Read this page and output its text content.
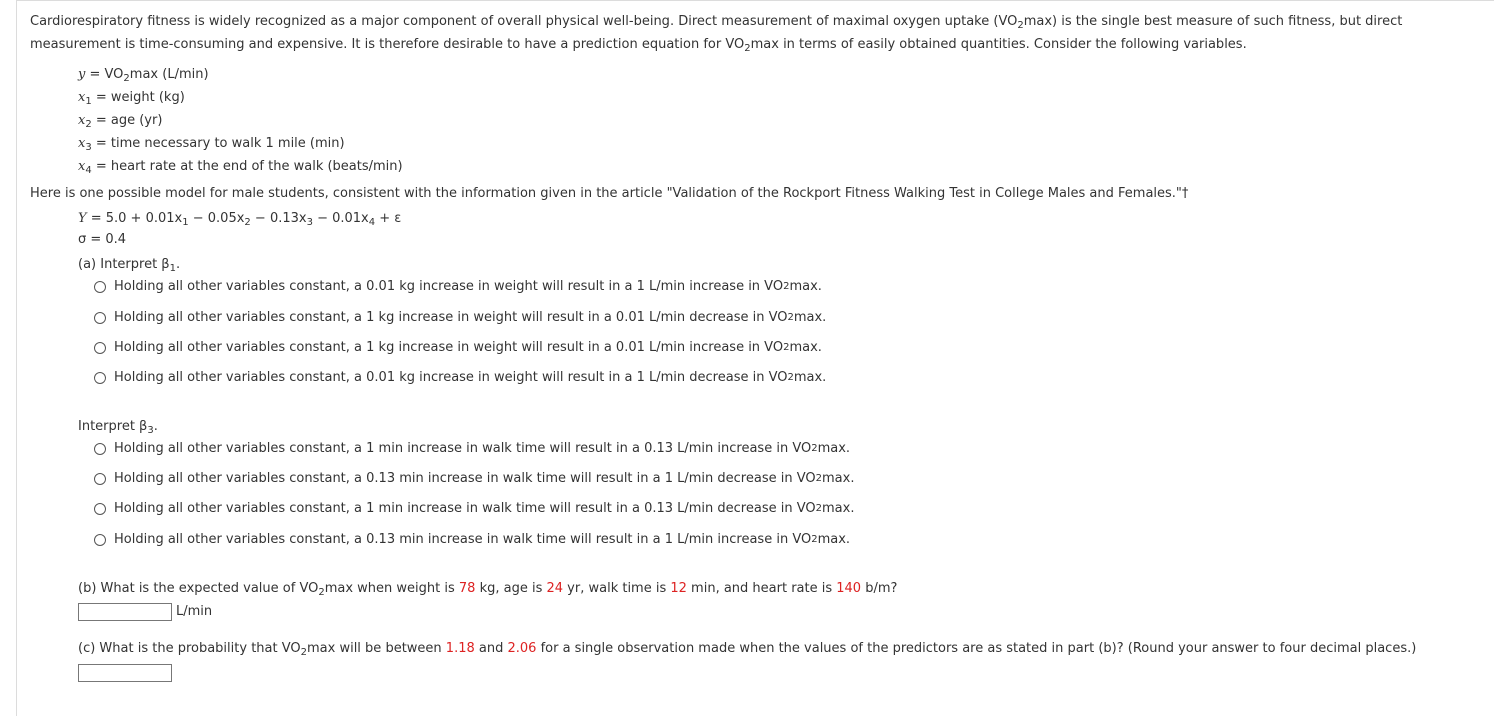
Cardiorespiratory fitness is widely recognized as a major component of overall physical well-being. Direct measurement of maximal oxygen uptake $(VO_2\max)$ is the single best measure of such fitness, but direct measurement is time-consuming and expensive. It is therefore desirable to have a prediction equation for $VO_2\max$ in terms of easily obtained quantities. Consider the following variables.
$y = VO_2\max$ (L/min)
$x_1$ = weight (kg)
$x_2$ = age (yr)
$x_3$ = time necessary to walk 1 mile (min)
$x_4$ = heart rate at the end of the walk (beats/min)
Here is one possible model for male students, consistent with the information given in the article "Validation of the Rockport Fitness Walking Test in College Males and Females."†
$Y = 5.0 + 0.01x_1 - 0.05x_2 - 0.13x_3 - 0.01x_4 + \varepsilon$
σ = 0.4
(a) Interpret $\beta_1$.
Holding all other variables constant, a 0.01 kg increase in weight will result in a 1 L/min increase in VO 2 max.
Holding all other variables constant, a 1 kg increase in weight will result in a 0.01 L/min decrease in VO 2 max.
Holding all other variables constant, a 1 kg increase in weight will result in a 0.01 L/min increase in VO 2 max.
Holding all other variables constant, a 0.01 kg increase in weight will result in a 1 L/min decrease in VO 2 max.
Interpret $\beta_3$.
Holding all other variables constant, a 1 min increase in walk time will result in a 0.13 L/min increase in VO 2 max.
Holding all other variables constant, a 0.13 min increase in walk time will result in a 1 L/min decrease in VO 2 max.
Holding all other variables constant, a 1 min increase in walk time will result in a 0.13 L/min decrease in VO 2 max.
Holding all other variables constant, a 0.13 min increase in walk time will result in a 1 L/min increase in VO 2 max.
(b) What is the expected value of $VO_2\max$ when weight is 78 kg, age is 24 yr, walk time is 12 min, and heart rate is 140 b/m?
L/min
(c) What is the probability that $VO_2\max$ will be between 1.18 and 2.06 for a single observation made when the values of the predictors are as stated in part (b)? (Round your answer to four decimal places.)
